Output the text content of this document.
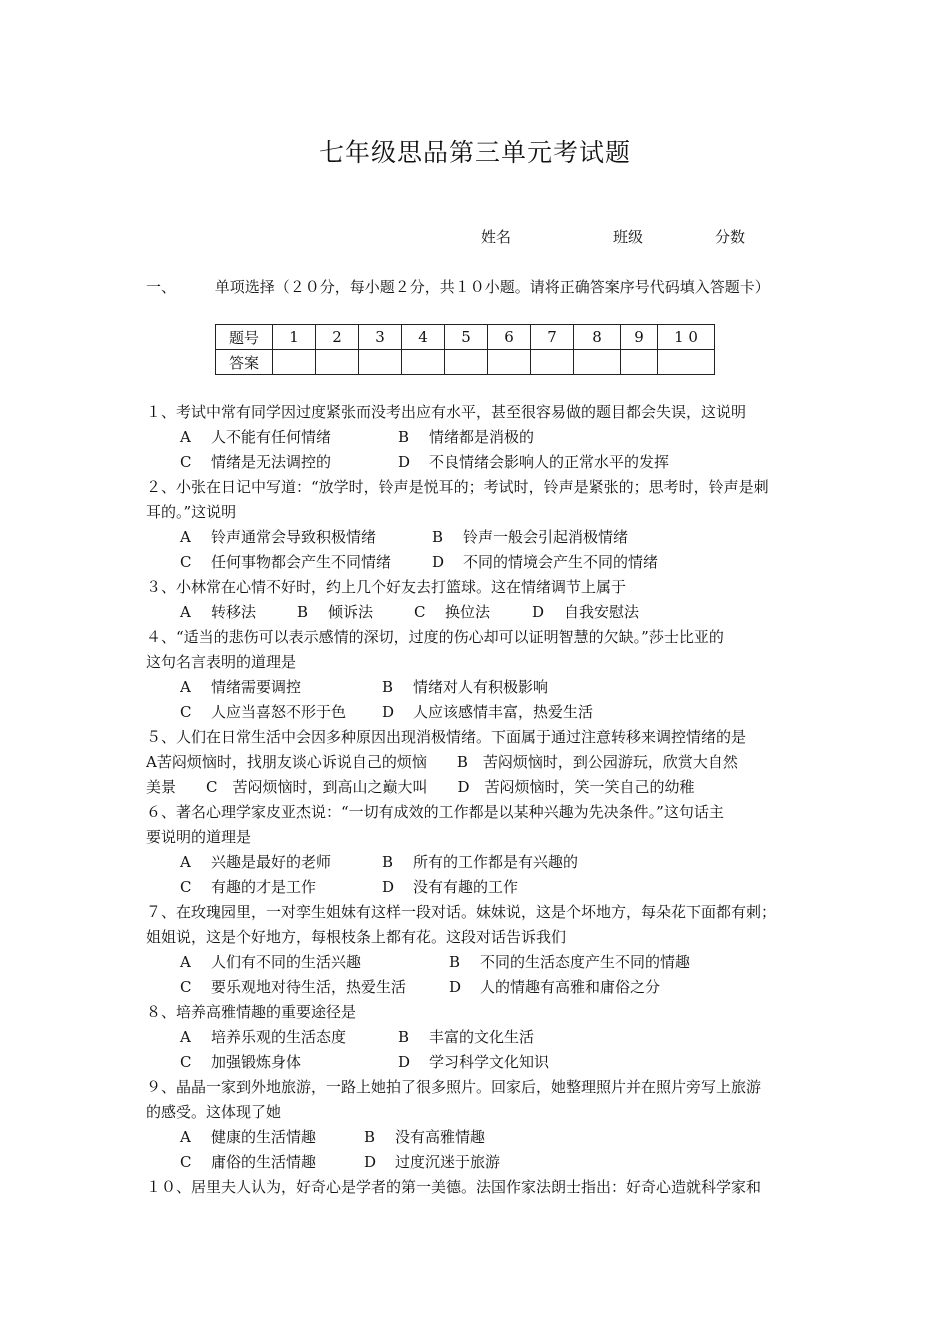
七年级思品第三单元考试题
姓名	班级	分数
一、	单项选择（２０分，每小题２分，共１０小题。请将正确答案序号代码填入答题卡）
题号	1	2	3	4	5	6	7	8	9	1 0
答案										
１、考试中常有同学因过度紧张而没考出应有水平，甚至很容易做的题目都会失误，这说明
A 人不能有任何情绪	B 情绪都是消极的
C 情绪是无法调控的	D 不良情绪会影响人的正常水平的发挥
２、小张在日记中写道：“放学时，铃声是悦耳的；考试时，铃声是紧张的；思考时，铃声是刺
耳的。”这说明
A 铃声通常会导致积极情绪	B 铃声一般会引起消极情绪
C 任何事物都会产生不同情绪	D 不同的情境会产生不同的情绪
３、小林常在心情不好时，约上几个好友去打篮球。这在情绪调节上属于
A 转移法	B 倾诉法	C 换位法	D 自我安慰法
４、“适当的悲伤可以表示感情的深切，过度的伤心却可以证明智慧的欠缺。”莎士比亚的
这句名言表明的道理是
A 情绪需要调控	B 情绪对人有积极影响
C 人应当喜怒不形于色 D 人应该感情丰富，热爱生活
５、人们在日常生活中会因多种原因出现消极情绪。下面属于通过注意转移来调控情绪的是
A苦闷烦恼时，找朋友谈心诉说自己的烦恼　　B　苦闷烦恼时，到公园游玩，欣赏大自然
美景　　C　苦闷烦恼时，到高山之巅大叫　　D　苦闷烦恼时，笑一笑自己的幼稚
６、著名心理学家皮亚杰说：“一切有成效的工作都是以某种兴趣为先决条件。”这句话主
要说明的道理是
A 兴趣是最好的老师	B 所有的工作都是有兴趣的
C 有趣的才是工作	D 没有有趣的工作
７、在玫瑰园里，一对孪生姐妹有这样一段对话。妹妹说，这是个坏地方，每朵花下面都有刺；
姐姐说，这是个好地方，每根枝条上都有花。这段对话告诉我们
A 人们有不同的生活兴趣	B 不同的生活态度产生不同的情趣
C 要乐观地对待生活，热爱生活	D 人的情趣有高雅和庸俗之分
８、培养高雅情趣的重要途径是
A 培养乐观的生活态度	B 丰富的文化生活
C 加强锻炼身体	D 学习科学文化知识
９、晶晶一家到外地旅游，一路上她拍了很多照片。回家后，她整理照片并在照片旁写上旅游
的感受。这体现了她
A 健康的生活情趣	B 没有高雅情趣
C 庸俗的生活情趣	D 过度沉迷于旅游
１０、居里夫人认为，好奇心是学者的第一美德。法国作家法朗士指出：好奇心造就科学家和
